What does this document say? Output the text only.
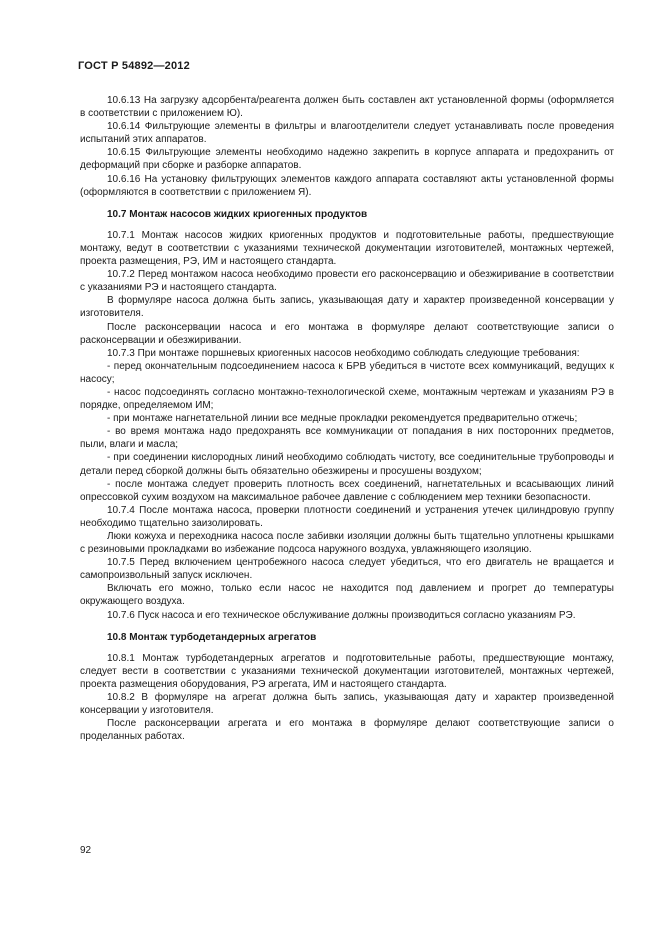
ГОСТ Р 54892—2012

10.6.13 На загрузку адсорбента/реагента должен быть составлен акт установленной формы (оформляется в соответствии с приложением Ю).

10.6.14 Фильтрующие элементы в фильтры и влагоотделители следует устанавливать после проведения испытаний этих аппаратов.

10.6.15 Фильтрующие элементы необходимо надежно закрепить в корпусе аппарата и предохранить от деформаций при сборке и разборке аппаратов.

10.6.16 На установку фильтрующих элементов каждого аппарата составляют акты установленной формы (оформляются в соответствии с приложением Я).

10.7 Монтаж насосов жидких криогенных продуктов

10.7.1 Монтаж насосов жидких криогенных продуктов и подготовительные работы, предшествующие монтажу, ведут в соответствии с указаниями технической документации изготовителей, монтажных чертежей, проекта размещения, РЭ, ИМ и настоящего стандарта.

10.7.2 Перед монтажом насоса необходимо провести его расконсервацию и обезжиривание в соответствии с указаниями РЭ и настоящего стандарта.

В формуляре насоса должна быть запись, указывающая дату и характер произведенной консервации у изготовителя.

После расконсервации насоса и его монтажа в формуляре делают соответствующие записи о расконсервации и обезжиривании.

10.7.3 При монтаже поршневых криогенных насосов необходимо соблюдать следующие требования:

- перед окончательным подсоединением насоса к БРВ убедиться в чистоте всех коммуникаций, ведущих к насосу;

- насос подсоединять согласно монтажно-технологической схеме, монтажным чертежам и указаниям РЭ в порядке, определяемом ИМ;

- при монтаже нагнетательной линии все медные прокладки рекомендуется предварительно отжечь;

- во время монтажа надо предохранять все коммуникации от попадания в них посторонних предметов, пыли, влаги и масла;

- при соединении кислородных линий необходимо соблюдать чистоту, все соединительные трубопроводы и детали перед сборкой должны быть обязательно обезжирены и просушены воздухом;

- после монтажа следует проверить плотность всех соединений, нагнетательных и всасывающих линий опрессовкой сухим воздухом на максимальное рабочее давление с соблюдением мер техники безопасности.

10.7.4 После монтажа насоса, проверки плотности соединений и устранения утечек цилиндровую группу необходимо тщательно заизолировать.

Люки кожуха и переходника насоса после забивки изоляции должны быть тщательно уплотнены крышками с резиновыми прокладками во избежание подсоса наружного воздуха, увлажняющего изоляцию.

10.7.5 Перед включением центробежного насоса следует убедиться, что его двигатель не вращается и самопроизвольный запуск исключен.

Включать его можно, только если насос не находится под давлением и прогрет до температуры окружающего воздуха.

10.7.6 Пуск насоса и его техническое обслуживание должны производиться согласно указаниям РЭ.

10.8 Монтаж турбодетандерных агрегатов

10.8.1 Монтаж турбодетандерных агрегатов и подготовительные работы, предшествующие монтажу, следует вести в соответствии с указаниями технической документации изготовителей, монтажных чертежей, проекта размещения оборудования, РЭ агрегата, ИМ и настоящего стандарта.

10.8.2 В формуляре на агрегат должна быть запись, указывающая дату и характер произведенной консервации у изготовителя.

После расконсервации агрегата и его монтажа в формуляре делают соответствующие записи о проделанных работах.

92
